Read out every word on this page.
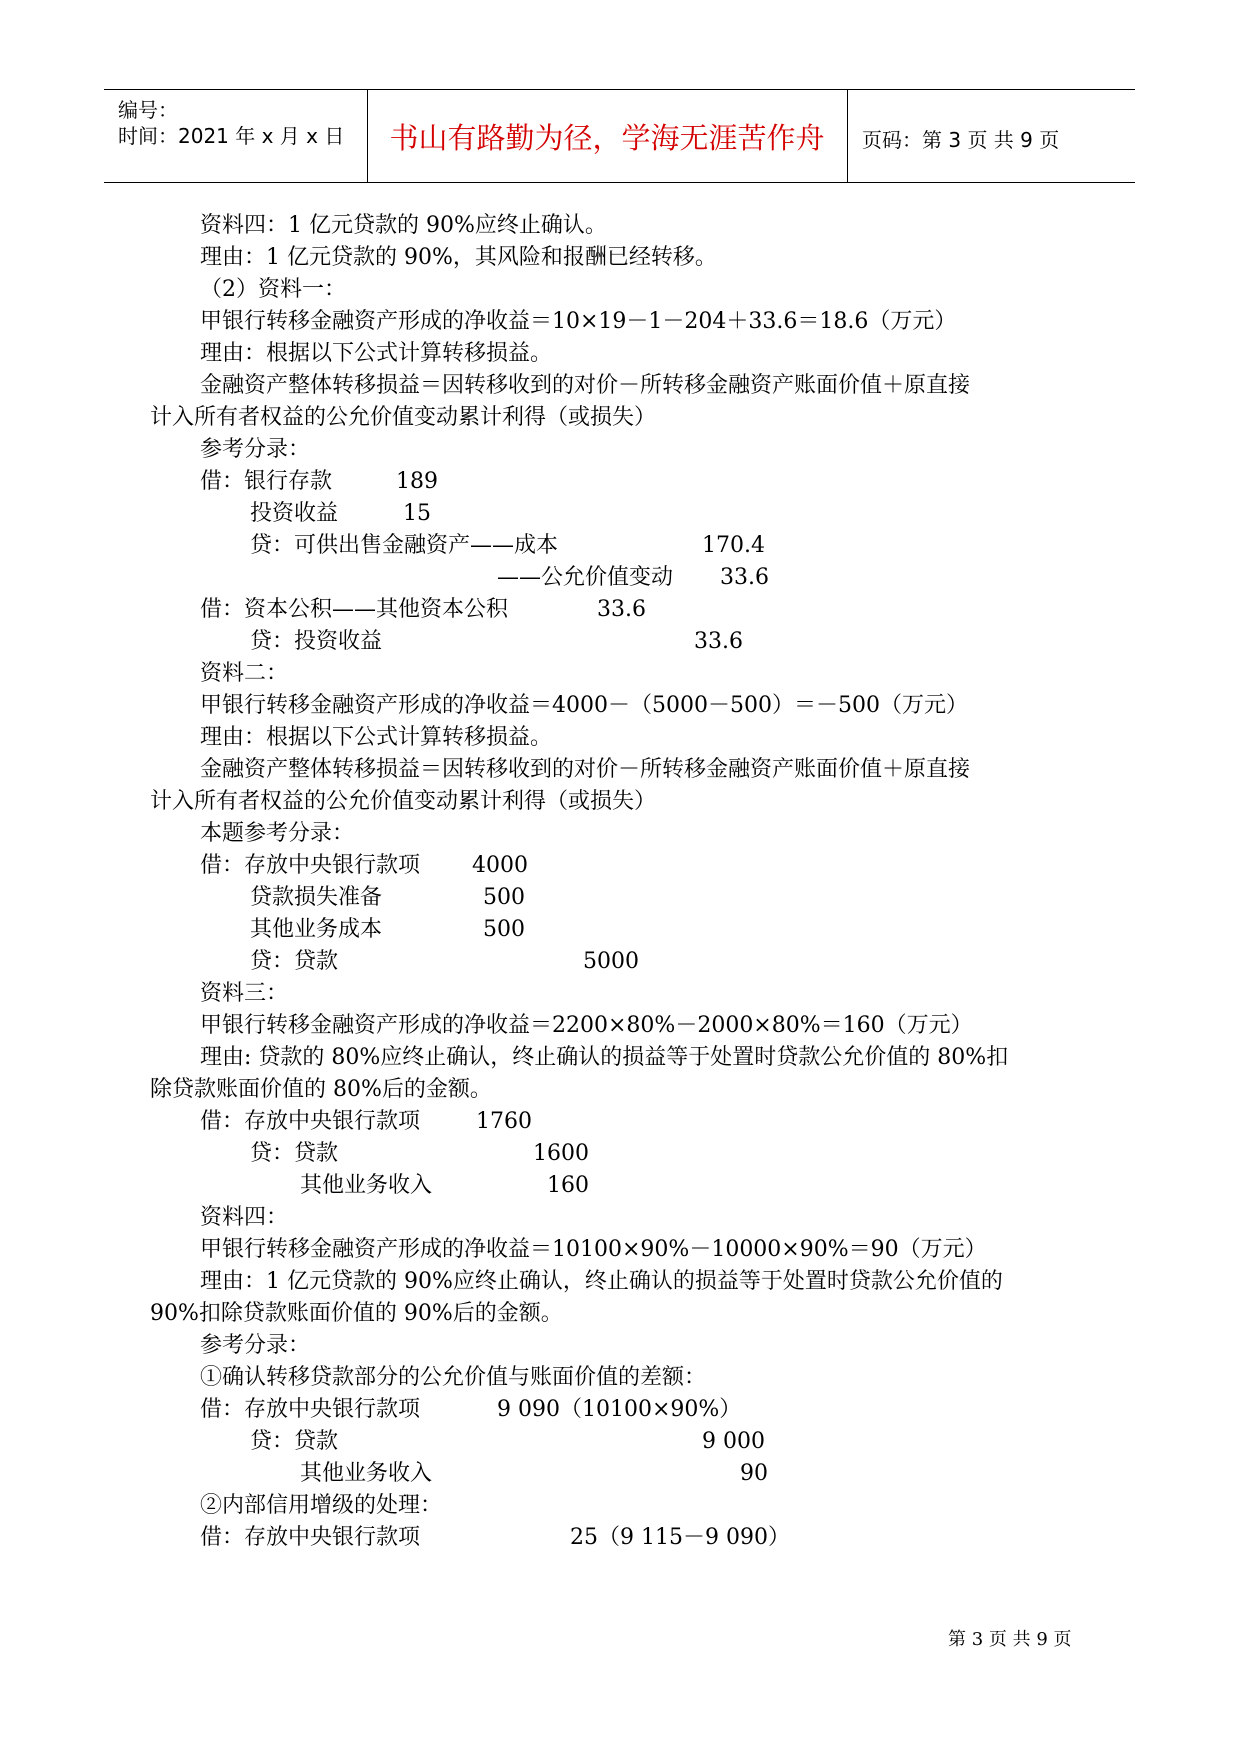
编号：
时间：2021 年 x 月 x 日	书山有路勤为径，学海无涯苦作舟	页码：第 3 页 共 9 页
资料四：1 亿元贷款的 90%应终止确认。
理由：1 亿元贷款的 90%，其风险和报酬已经转移。
（2）资料一：
甲银行转移金融资产形成的净收益＝10×19－1－204＋33.6＝18.6（万元）
理由：根据以下公式计算转移损益。
金融资产整体转移损益＝因转移收到的对价－所转移金融资产账面价值＋原直接
计入所有者权益的公允价值变动累计利得（或损失）
参考分录：
借：银行存款	189
投资收益	15
贷：可供出售金融资产——成本	170.4
——公允价值变动 33.6
借：资本公积——其他资本公积	33.6
贷：投资收益	33.6
资料二：
甲银行转移金融资产形成的净收益＝4000－（5000－500）＝－500（万元）
理由：根据以下公式计算转移损益。
金融资产整体转移损益＝因转移收到的对价－所转移金融资产账面价值＋原直接
计入所有者权益的公允价值变动累计利得（或损失）
本题参考分录：
借：存放中央银行款项 4000
贷款损失准备	500
其他业务成本	500
贷：贷款	5000
资料三：
甲银行转移金融资产形成的净收益＝2200×80%－2000×80%＝160（万元）
理由: 贷款的 80%应终止确认，终止确认的损益等于处置时贷款公允价值的 80%扣
除贷款账面价值的 80%后的金额。
借：存放中央银行款项	1760
贷：贷款	1600
其他业务收入	160
资料四：
甲银行转移金融资产形成的净收益＝10100×90%－10000×90%＝90（万元）
理由：1 亿元贷款的 90%应终止确认，终止确认的损益等于处置时贷款公允价值的
90%扣除贷款账面价值的 90%后的金额。
参考分录：
①确认转移贷款部分的公允价值与账面价值的差额：
借：存放中央银行款项	9 090（10100×90%）
贷：贷款	9 000
其他业务收入	90
②内部信用增级的处理：
借：存放中央银行款项	25（9 115－9 090）
第 3 页 共 9 页
